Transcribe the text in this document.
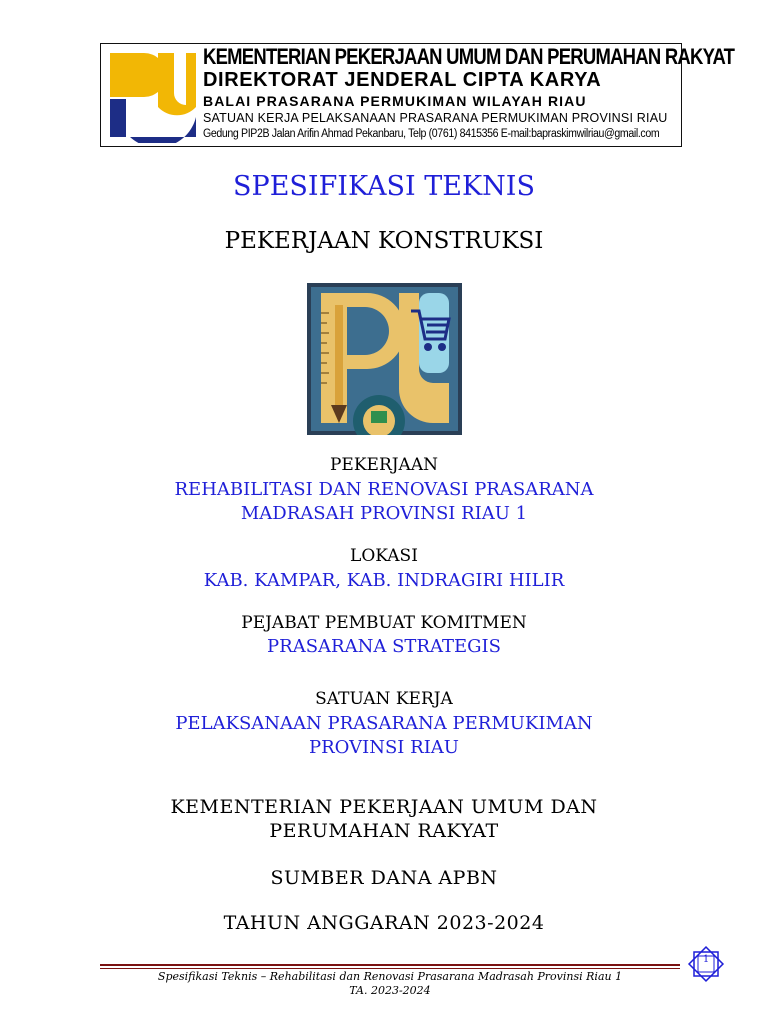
KEMENTERIAN PEKERJAAN UMUM DAN PERUMAHAN RAKYAT
DIREKTORAT JENDERAL CIPTA KARYA
BALAI PRASARANA PERMUKIMAN WILAYAH RIAU
SATUAN KERJA PELAKSANAAN PRASARANA PERMUKIMAN PROVINSI RIAU
Gedung PIP2B Jalan Arifin Ahmad Pekanbaru, Telp (0761) 8415356 E-mail:bapraskimwilriau@gmail.com
SPESIFIKASI TEKNIS
PEKERJAAN KONSTRUKSI
PEKERJAAN
REHABILITASI DAN RENOVASI PRASARANA
MADRASAH PROVINSI RIAU 1
LOKASI
KAB. KAMPAR, KAB. INDRAGIRI HILIR
PEJABAT PEMBUAT KOMITMEN
PRASARANA STRATEGIS
SATUAN KERJA
PELAKSANAAN PRASARANA PERMUKIMAN
PROVINSI RIAU
KEMENTERIAN PEKERJAAN UMUM DAN
PERUMAHAN RAKYAT
SUMBER DANA APBN
TAHUN ANGGARAN 2023-2024
Spesifikasi Teknis – Rehabilitasi dan Renovasi Prasarana Madrasah Provinsi Riau 1
TA. 2023-2024
1
